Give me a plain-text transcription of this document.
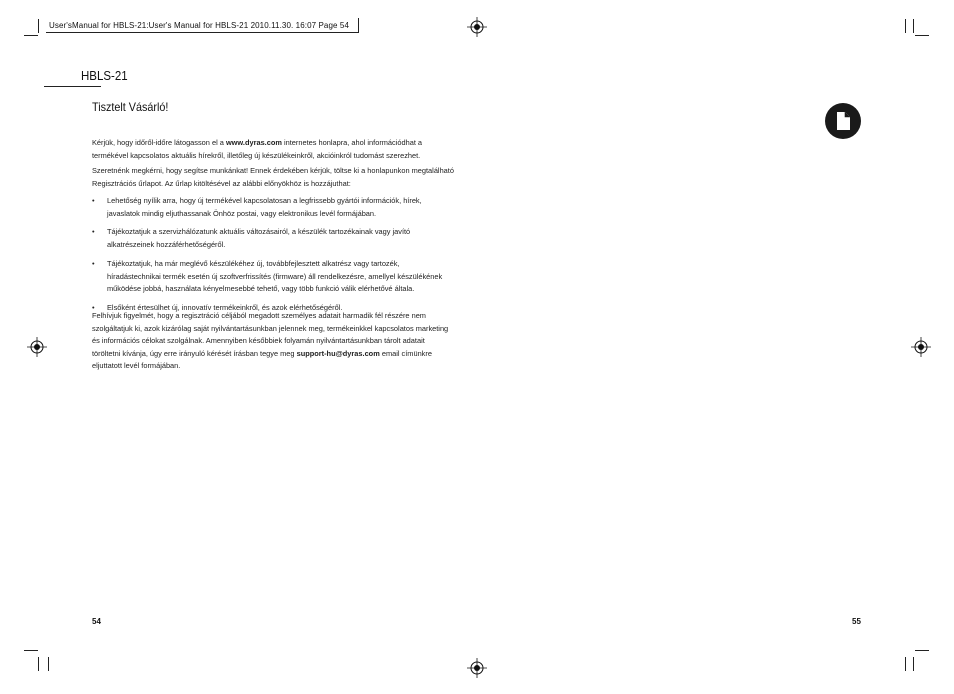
User'sManual for HBLS-21:User's Manual for HBLS-21 2010.11.30. 16:07 Page 54
HBLS-21
Tisztelt Vásárló!
Kérjük, hogy időről-időre látogasson el a www.dyras.com internetes honlapra, ahol információdhat a termékével kapcsolatos aktuális hírekről, illetőleg új készülékeinkről, akcióinkról tudomást szerezhet.
Szeretnénk megkérni, hogy segítse munkánkat! Ennek érdekében kérjük, töltse ki a honlapunkon megtalálható Regisztrációs űrlapot. Az űrlap kitöltésével az alábbi előnyökhöz is hozzájuthat:
• Lehetőség nyílik arra, hogy új termékével kapcsolatosan a legfrissebb gyártói információk, hírek, javaslatok mindig eljuthassanak Önhöz postai, vagy elektronikus levél formájában.
• Tájékoztatjuk a szervizhálózatunk aktuális változásairól, a készülék tartozékainak vagy javító alkatrészeinek hozzáférhetőségéről.
• Tájékoztatjuk, ha már meglévő készülékéhez új, továbbfejlesztett alkatrész vagy tartozék, híradástechnikai termék esetén új szoftverfrissítés (firmware) áll rendelkezésre, amellyel készülékének működése jobbá, használata kényelmesebbé tehető, vagy több funkció válik elérhetővé általa.
• Elsőként értesülhet új, innovatív termékeinkről, és azok elérhetőségéről.
Felhívjuk figyelmét, hogy a regisztráció céljából megadott személyes adatait harmadik fél részére nem szolgáltatjuk ki, azok kizárólag saját nyilvántartásunkban jelennek meg, termékeinkkel kapcsolatos marketing és információs célokat szolgálnak. Amennyiben későbbiek folyamán nyilvántartásunkban tárolt adatait töröltetni kívánja, úgy erre irányuló kérését írásban tegye meg support-hu@dyras.com email címünkre eljuttatott levél formájában.
54	55
